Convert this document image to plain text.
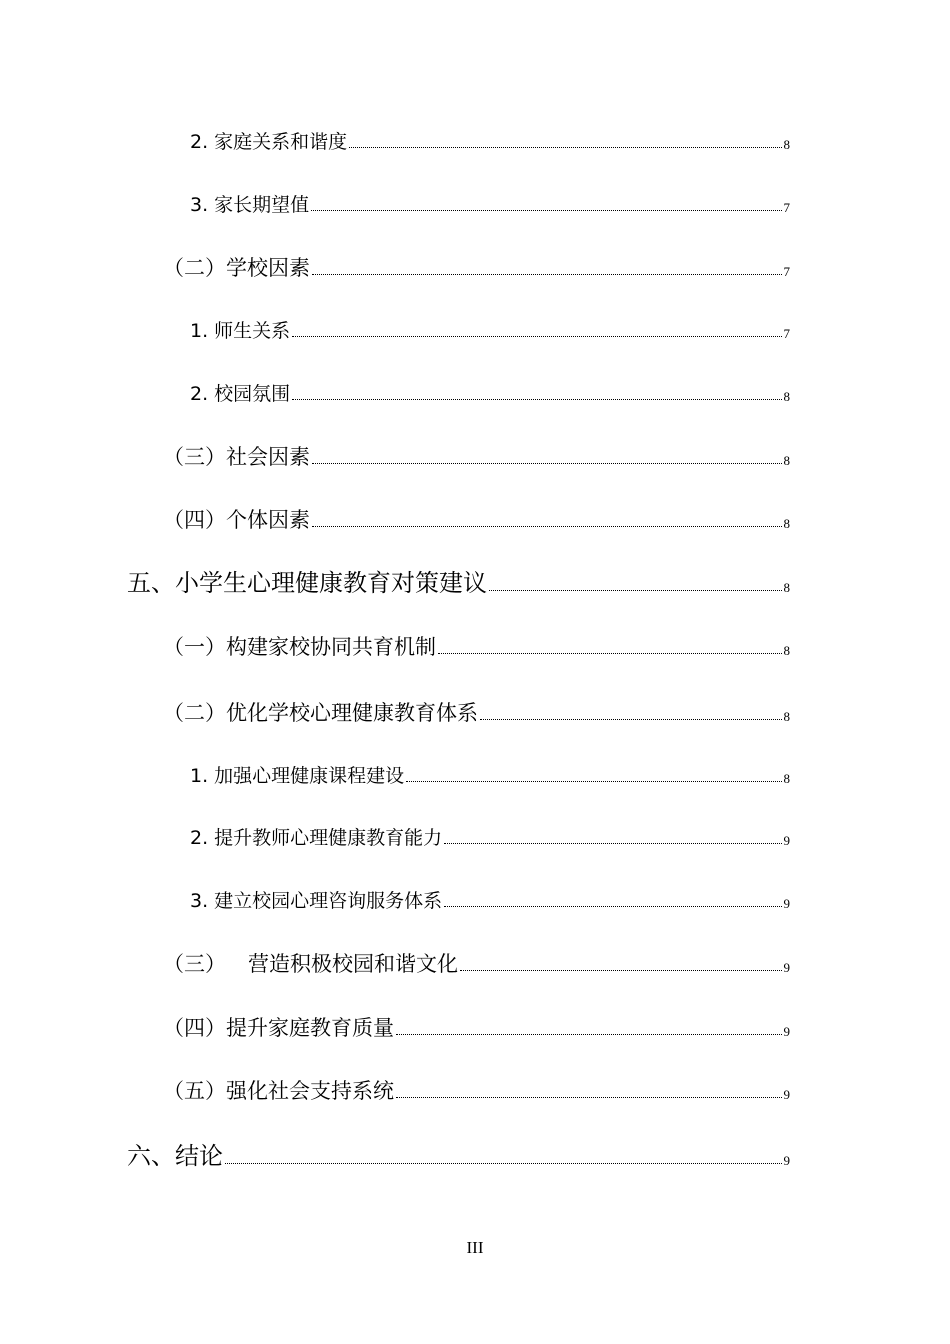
2. 家庭关系和谐度	8
3. 家长期望值	7
（二）学校因素	7
1. 师生关系	7
2. 校园氛围	8
（三）社会因素	8
（四）个体因素	8
五、小学生心理健康教育对策建议	8
（一）构建家校协同共育机制	8
（二）优化学校心理健康教育体系	8
1. 加强心理健康课程建设	8
2. 提升教师心理健康教育能力	9
3. 建立校园心理咨询服务体系	9
（三） 营造积极校园和谐文化	9
（四）提升家庭教育质量	9
（五）强化社会支持系统	9
六、结论	9
III
